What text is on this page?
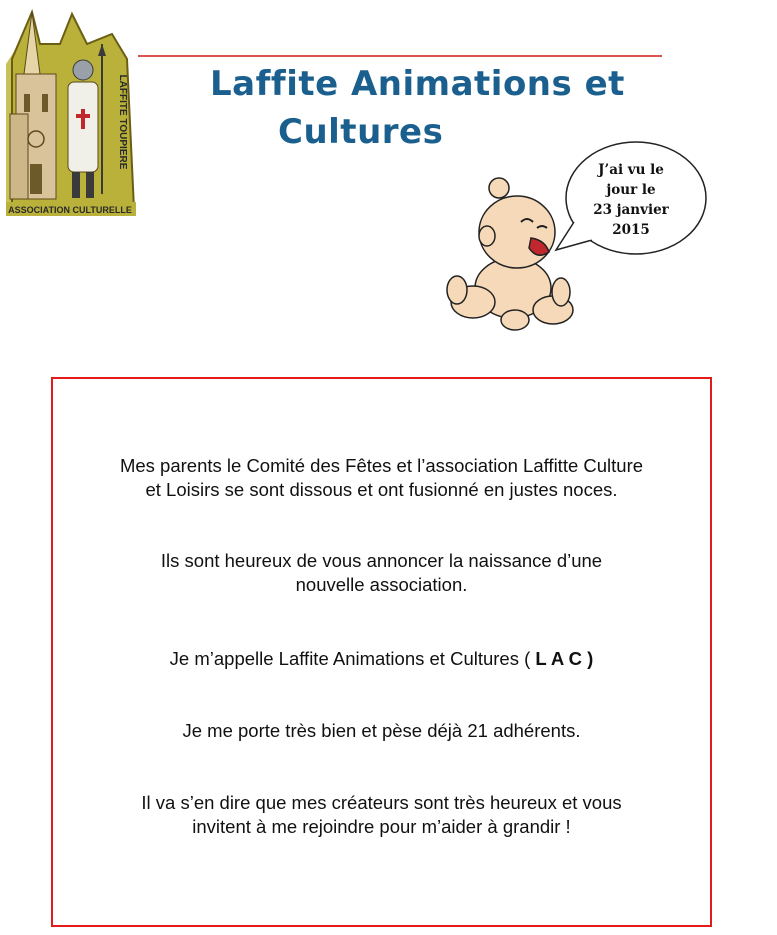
LAFFITE TOUPIERE
ASSOCIATION CULTURELLE
Laffite Animations et
Cultures
J’ai vu le
jour le
23 janvier
2015
Mes parents le Comité des Fêtes et l’association Laffitte Culture
et Loisirs se sont dissous et ont fusionné en justes noces.
Ils sont heureux de vous annoncer la naissance d’une
nouvelle association.
Je m’appelle Laffite Animations et Cultures ( L A C )
Je me porte très bien et pèse déjà 21 adhérents.
Il va s’en dire que mes créateurs sont très heureux et vous
invitent à me rejoindre pour m’aider à grandir !
